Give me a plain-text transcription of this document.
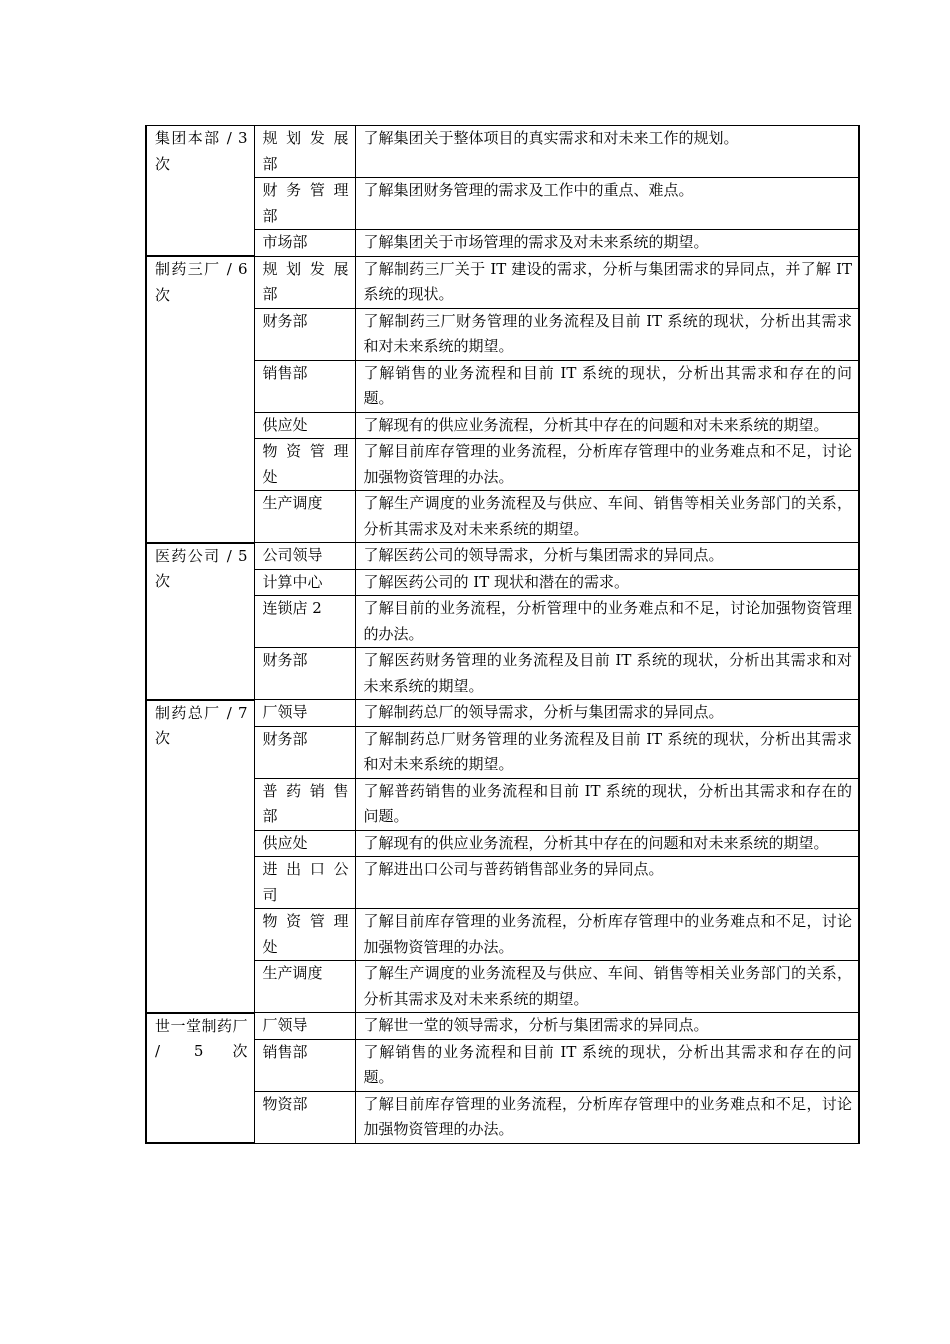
集团本部 / 3次	规 划 发 展 部	了解集团关于整体项目的真实需求和对未来工作的规划。
	财 务 管 理 部	了解集团财务管理的需求及工作中的重点、难点。
	市场部	了解集团关于市场管理的需求及对未来系统的期望。
制药三厂 / 6次	规 划 发 展 部	了解制药三厂关于 IT 建设的需求，分析与集团需求的异同点，并了解 IT 系统的现状。
	财务部	了解制药三厂财务管理的业务流程及目前 IT 系统的现状，分析出其需求和对未来系统的期望。
	销售部	了解销售的业务流程和目前 IT 系统的现状，分析出其需求和存在的问题。
	供应处	了解现有的供应业务流程，分析其中存在的问题和对未来系统的期望。
	物 资 管 理 处	了解目前库存管理的业务流程，分析库存管理中的业务难点和不足，讨论加强物资管理的办法。
	生产调度	了解生产调度的业务流程及与供应、车间、销售等相关业务部门的关系，分析其需求及对未来系统的期望。
医药公司 / 5次	公司领导	了解医药公司的领导需求，分析与集团需求的异同点。
	计算中心	了解医药公司的 IT 现状和潜在的需求。
	连锁店 2	了解目前的业务流程，分析管理中的业务难点和不足，讨论加强物资管理的办法。
	财务部	了解医药财务管理的业务流程及目前 IT 系统的现状，分析出其需求和对未来系统的期望。
制药总厂 / 7次	厂领导	了解制药总厂的领导需求，分析与集团需求的异同点。
	财务部	了解制药总厂财务管理的业务流程及目前 IT 系统的现状，分析出其需求和对未来系统的期望。
	普 药 销 售 部	了解普药销售的业务流程和目前 IT 系统的现状，分析出其需求和存在的问题。
	供应处	了解现有的供应业务流程，分析其中存在的问题和对未来系统的期望。
	进 出 口 公 司	了解进出口公司与普药销售部业务的异同点。
	物 资 管 理 处	了解目前库存管理的业务流程，分析库存管理中的业务难点和不足，讨论加强物资管理的办法。
	生产调度	了解生产调度的业务流程及与供应、车间、销售等相关业务部门的关系，分析其需求及对未来系统的期望。
世一堂制药厂 / 5次	厂领导	了解世一堂的领导需求，分析与集团需求的异同点。
	销售部	了解销售的业务流程和目前 IT 系统的现状，分析出其需求和存在的问题。
	物资部	了解目前库存管理的业务流程，分析库存管理中的业务难点和不足，讨论加强物资管理的办法。
